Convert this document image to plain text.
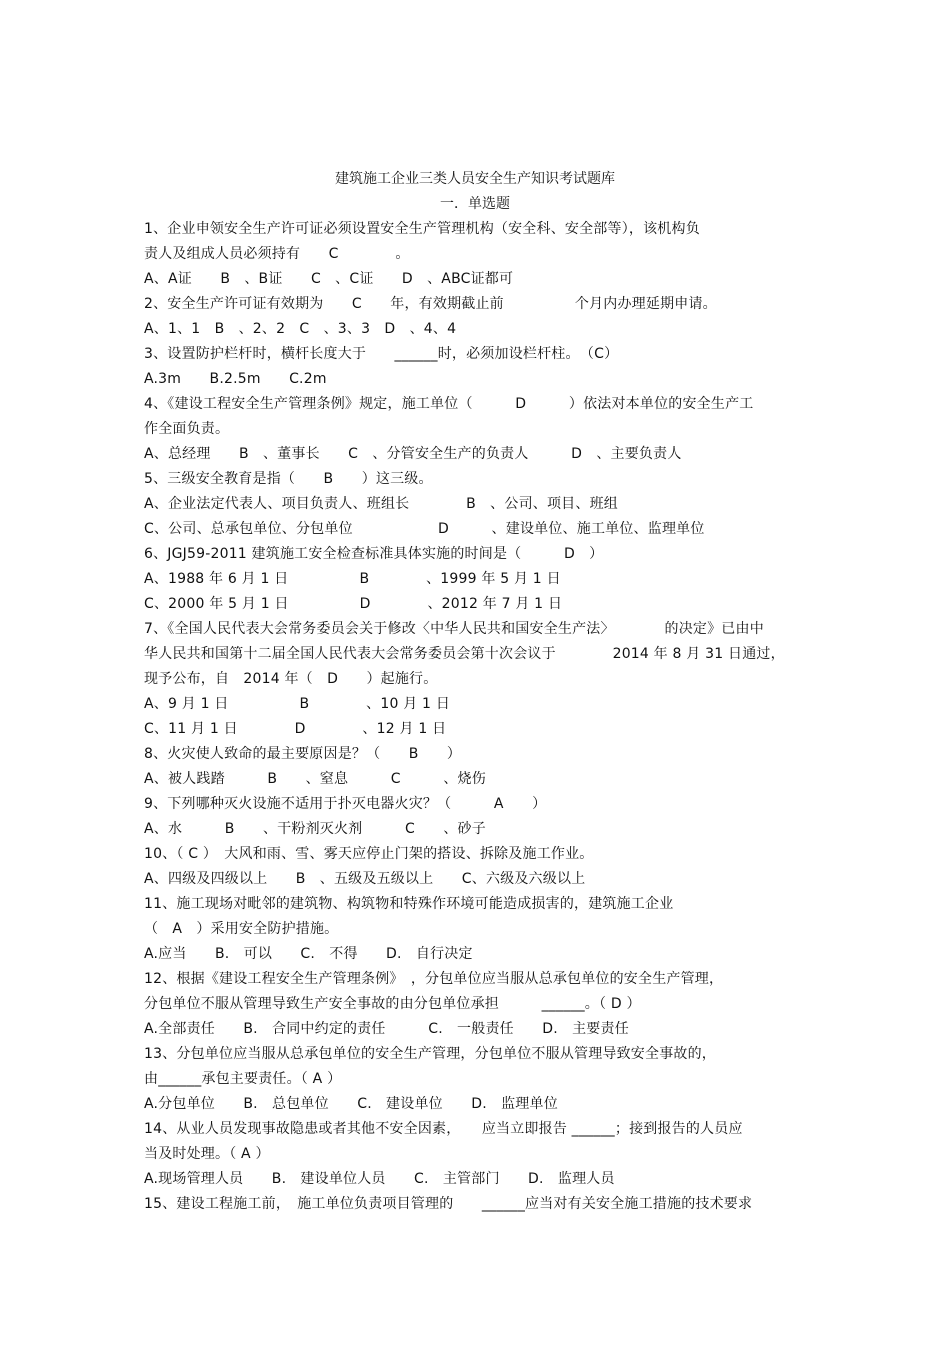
建筑施工企业三类人员安全生产知识考试题库
一．单选题
1、企业申领安全生产许可证必须设置安全生产管理机构（安全科、安全部等），该机构负
责人及组成人员必须持有　　C　　　　。
A、A证　　B　、B证　　C　、C证　　D　、ABC证都可
2、安全生产许可证有效期为　　C　　年，有效期截止前　　　　　个月内办理延期申请。
A、1、1　B　、2、2　C　、3、3　D　、4、4
3、设置防护栏杆时，横杆长度大于　　______时，必须加设栏杆柱。　（C）
A.3m　　B.2.5m　　C.2m
4、《建设工程安全生产管理条例》规定，施工单位（　　　D　　　）依法对本单位的安全生产工
作全面负责。
A、总经理　　B　、董事长　　C　、分管安全生产的负责人　　　D　、主要负责人
5、三级安全教育是指（　　B　　）这三级。
A、企业法定代表人、项目负责人、班组长　　　　B　、公司、项目、班组
C、公司、总承包单位、分包单位　　　　　　D　　　、建设单位、施工单位、监理单位
6、JGJ59-2011 建筑施工安全检查标准具体实施的时间是（　　　D　）
A、1988 年 6 月 1 日　　　　　B　　　　、1999 年 5 月 1 日
C、2000 年 5 月 1 日　　　　　D　　　　、2012 年 7 月 1 日
7、《全国人民代表大会常务委员会关于修改〈中华人民共和国安全生产法〉　　　　的决定》已由中
华人民共和国第十二届全国人民代表大会常务委员会第十次会议于　　　　2014 年 8 月 31 日通过，
现予公布，自　2014 年（　D　　）起施行。
A、9 月 1 日　　　　　B　　　　、10 月 1 日
C、11 月 1 日　　　　D　　　　、12 月 1 日
8、火灾使人致命的最主要原因是？（　　B　　）
A、被人践踏　　　B　　、窒息　　　C　　　、烧伤
9、下列哪种灭火设施不适用于扑灭电器火灾？（　　　A　　）
A、水　　　B　　、干粉剂灭火剂　　　C　　、砂子
10、（ C ）　大风和雨、雪、雾天应停止门架的搭设、拆除及施工作业。
A、四级及四级以上　　B　、五级及五级以上　　C、六级及六级以上
11、施工现场对毗邻的建筑物、构筑物和特殊作环境可能造成损害的，建筑施工企业
（　A　）采用安全防护措施。
A.应当　　B.　可以　　C.　不得　　D.　自行决定
12、根据《建设工程安全生产管理条例》　，分包单位应当服从总承包单位的安全生产管理，
分包单位不服从管理导致生产安全事故的由分包单位承担　　　______。（ D ）
A.全部责任　　B.　合同中约定的责任　　　C.　一般责任　　D.　主要责任
13、分包单位应当服从总承包单位的安全生产管理，分包单位不服从管理导致安全事故的，
由______承包主要责任。（ A ）
A.分包单位　　B.　总包单位　　C.　建设单位　　D.　监理单位
14、从业人员发现事故隐患或者其他不安全因素，　　应当立即报告 ______；接到报告的人员应
当及时处理。（ A ）
A.现场管理人员　　B.　建设单位人员　　C.　主管部门　　D.　监理人员
15、建设工程施工前，　施工单位负责项目管理的　　______应当对有关安全施工措施的技术要求
